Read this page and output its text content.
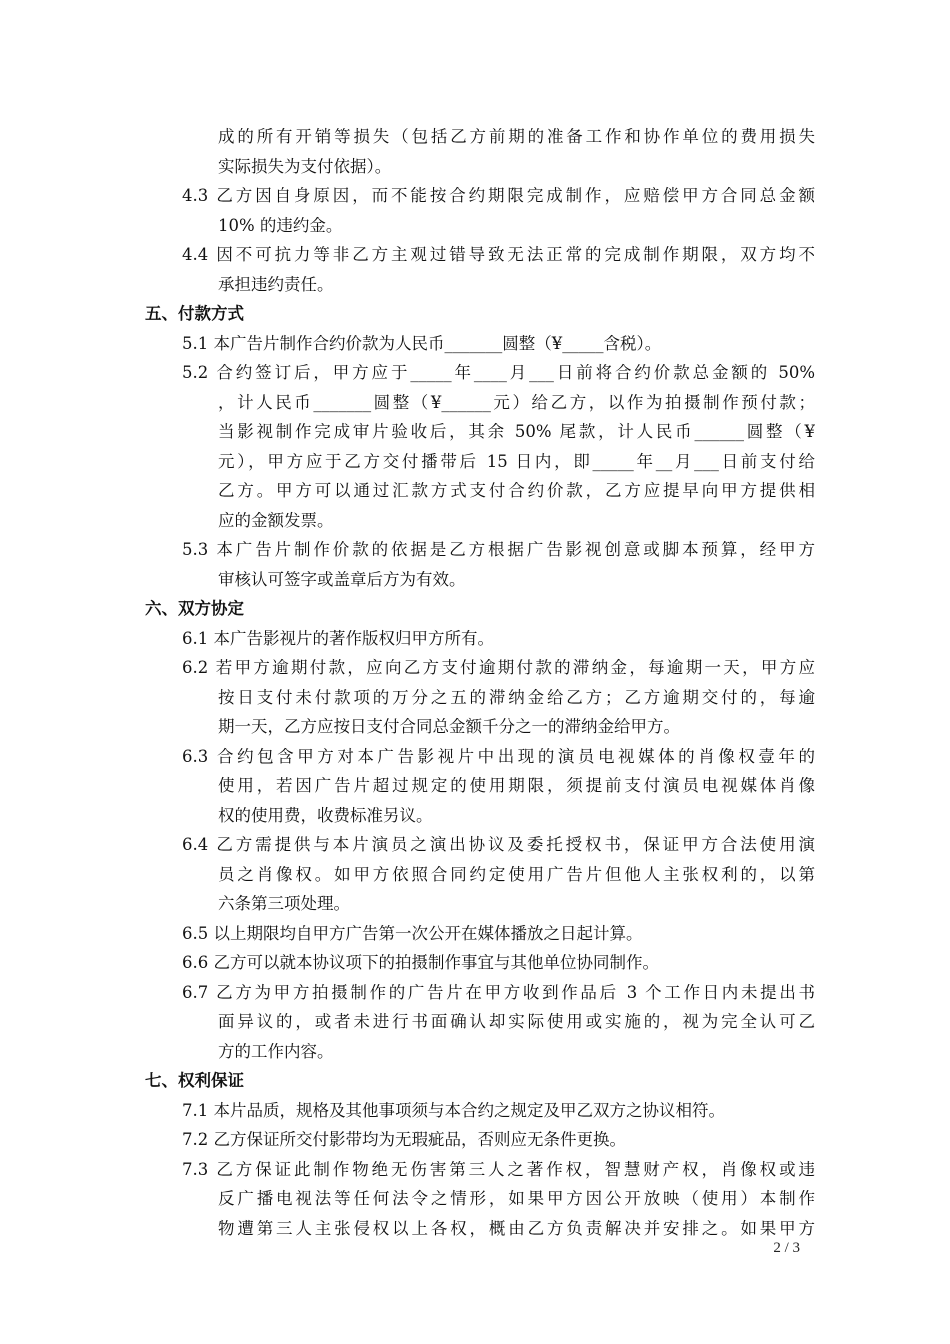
成的所有开销等损失（包括乙方前期的准备工作和协作单位的费用损失
实际损失为支付依据）。
4.3 乙方因自身原因，而不能按合约期限完成制作，应赔偿甲方合同总金额
10% 的违约金。
4.4 因不可抗力等非乙方主观过错导致无法正常的完成制作期限，双方均不
承担违约责任。
五、付款方式
5.1 本广告片制作合约价款为人民币_______圆整（¥_____含税）。
5.2 合约签订后，甲方应于_____年____月___日前将合约价款总金额的 50%
，计人民币_______圆整（¥______元）给乙方，以作为拍摄制作预付款；
当影视制作完成审片验收后，其余 50% 尾款，计人民币______圆整（¥
元），甲方应于乙方交付播带后 15 日内，即_____年__月___日前支付给
乙方。甲方可以通过汇款方式支付合约价款，乙方应提早向甲方提供相
应的金额发票。
5.3 本广告片制作价款的依据是乙方根据广告影视创意或脚本预算，经甲方
审核认可签字或盖章后方为有效。
六、双方协定
6.1 本广告影视片的著作版权归甲方所有。
6.2 若甲方逾期付款，应向乙方支付逾期付款的滞纳金，每逾期一天，甲方应
按日支付未付款项的万分之五的滞纳金给乙方；乙方逾期交付的，每逾
期一天，乙方应按日支付合同总金额千分之一的滞纳金给甲方。
6.3 合约包含甲方对本广告影视片中出现的演员电视媒体的肖像权壹年的
使用，若因广告片超过规定的使用期限，须提前支付演员电视媒体肖像
权的使用费，收费标准另议。
6.4 乙方需提供与本片演员之演出协议及委托授权书，保证甲方合法使用演
员之肖像权。如甲方依照合同约定使用广告片但他人主张权利的，以第
六条第三项处理。
6.5 以上期限均自甲方广告第一次公开在媒体播放之日起计算。
6.6 乙方可以就本协议项下的拍摄制作事宜与其他单位协同制作。
6.7 乙方为甲方拍摄制作的广告片在甲方收到作品后 3 个工作日内未提出书
面异议的，或者未进行书面确认却实际使用或实施的，视为完全认可乙
方的工作内容。
七、权利保证
7.1 本片品质，规格及其他事项须与本合约之规定及甲乙双方之协议相符。
7.2 乙方保证所交付影带均为无瑕疵品，否则应无条件更换。
7.3 乙方保证此制作物绝无伤害第三人之著作权，智慧财产权，肖像权或违
反广播电视法等任何法令之情形，如果甲方因公开放映（使用）本制作
物遭第三人主张侵权以上各权，概由乙方负责解决并安排之。如果甲方
2 / 3
